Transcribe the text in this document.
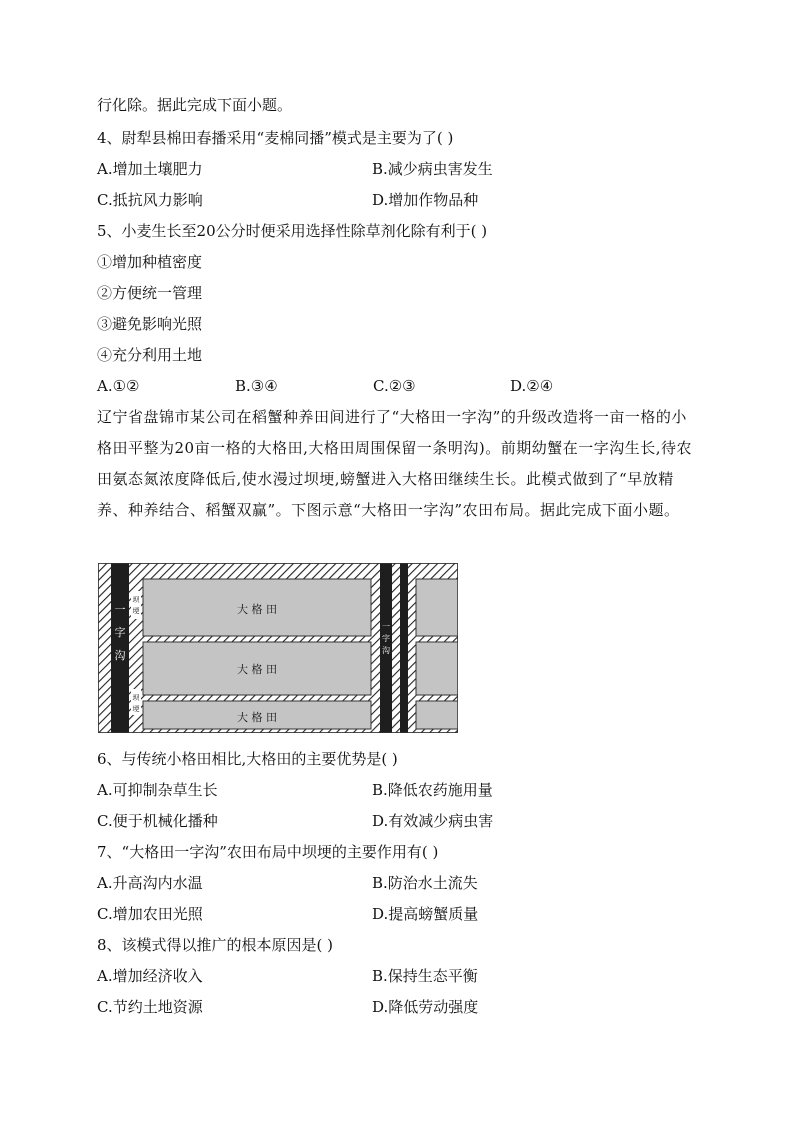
行化除。据此完成下面小题。
4、尉犁县棉田春播采用“麦棉同播”模式是主要为了( )
A.增加土壤肥力	B.减少病虫害发生
C.抵抗风力影响	D.增加作物品种
5、小麦生长至20公分时便采用选择性除草剂化除有利于( )
①增加种植密度
②方便统一管理
③避免影响光照
④充分利用土地
A.①②	B.③④	C.②③	D.②④
辽宁省盘锦市某公司在稻蟹种养田间进行了“大格田一字沟”的升级改造将一亩一格的小格田平整为20亩一格的大格田,大格田周围保留一条明沟)。前期幼蟹在一字沟生长,待农田氨态氮浓度降低后,使水漫过坝埂,螃蟹进入大格田继续生长。此模式做到了“早放精养、种养结合、稻蟹双赢”。下图示意“大格田一字沟”农田布局。据此完成下面小题。
一
字
沟
坝
埂
坝
埂
大 格 田
大 格 田
大 格 田
一
字
沟
6、与传统小格田相比,大格田的主要优势是( )
A.可抑制杂草生长	B.降低农药施用量
C.便于机械化播种	D.有效减少病虫害
7、“大格田一字沟”农田布局中坝埂的主要作用有( )
A.升高沟内水温	B.防治水土流失
C.增加农田光照	D.提高螃蟹质量
8、该模式得以推广的根本原因是( )
A.增加经济收入	B.保持生态平衡
C.节约土地资源	D.降低劳动强度
